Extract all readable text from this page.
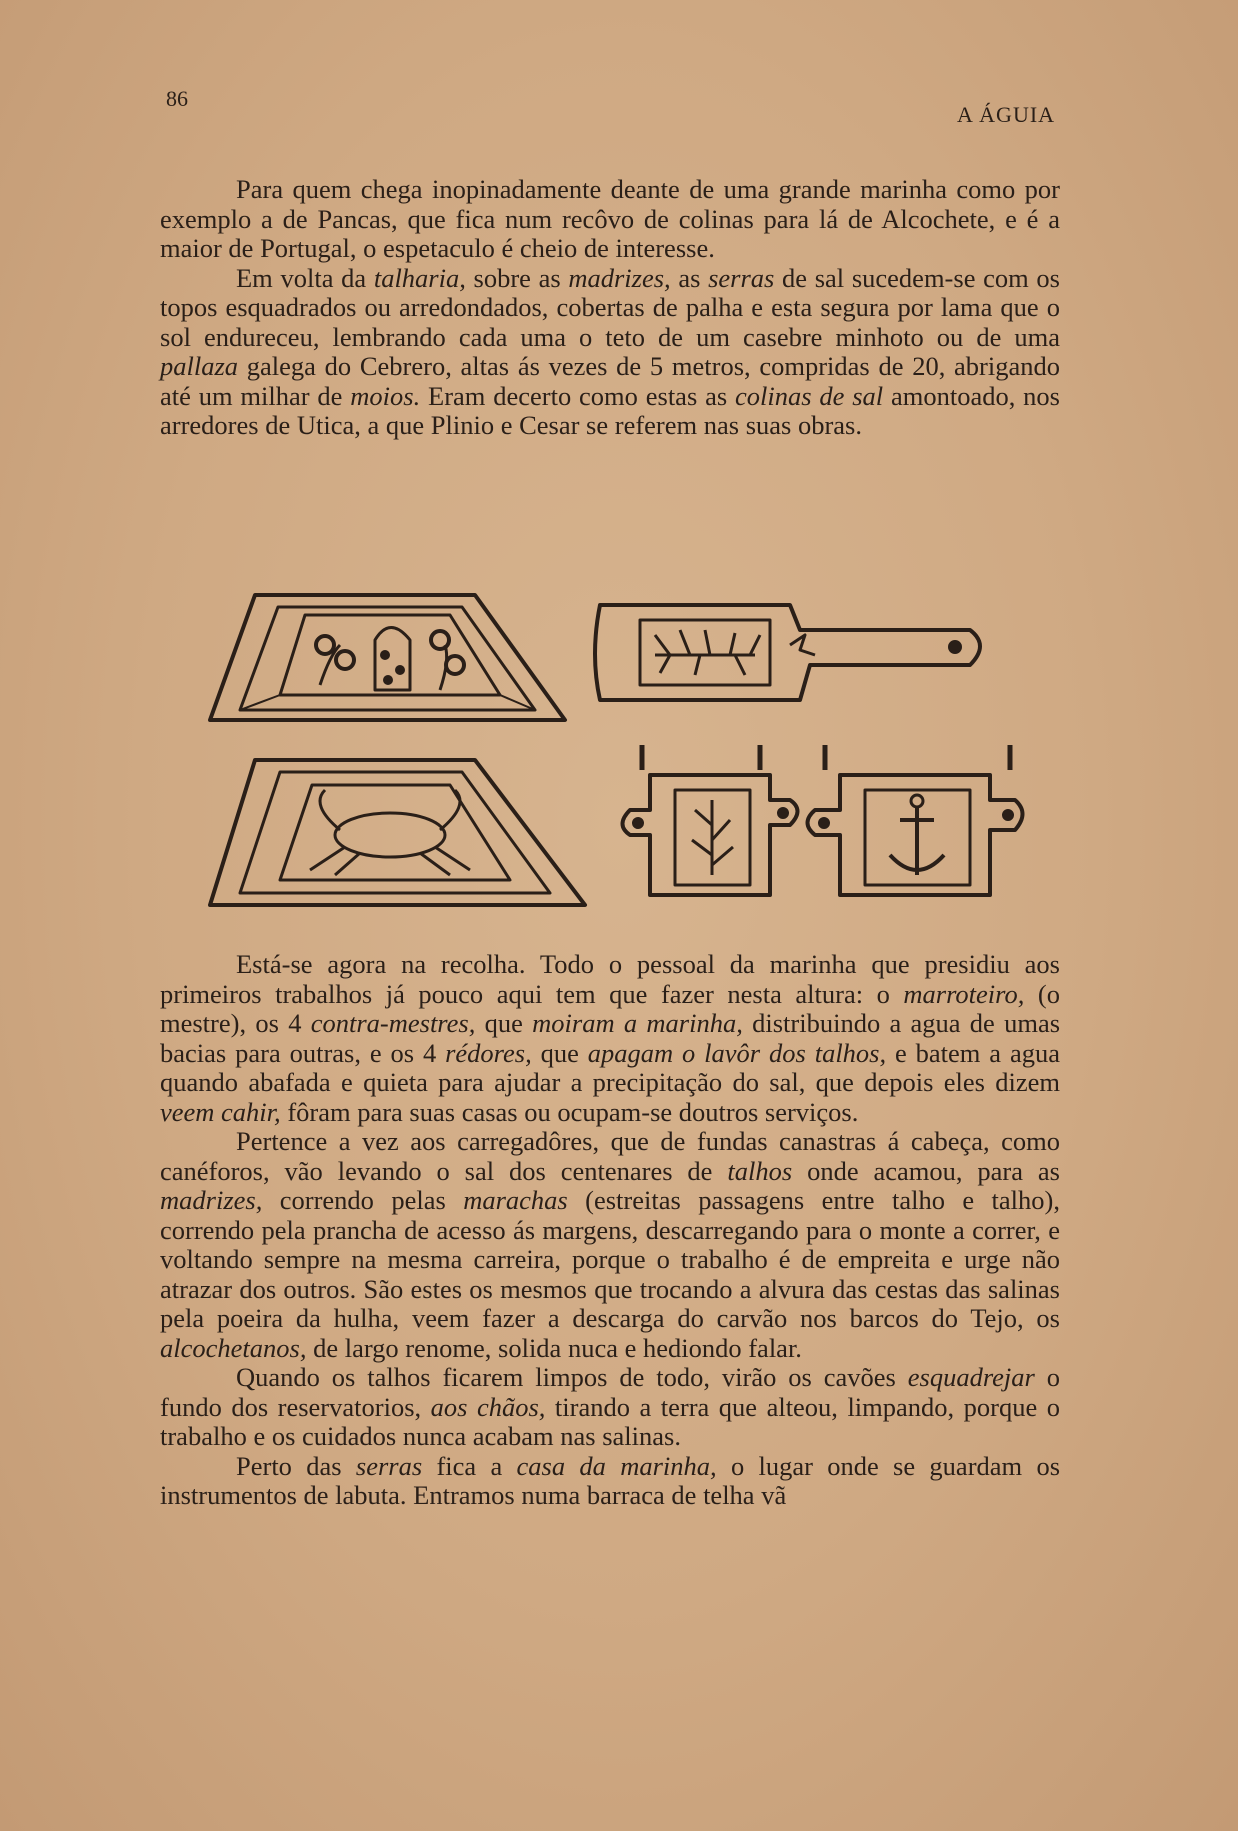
86
A ÁGUIA

Para quem chega inopinadamente deante de uma grande marinha como por exemplo a de Pancas, que fica num recôvo de colinas para lá de Alcochete, e é a maior de Portugal, o espetaculo é cheio de interesse.

Em volta da talharia, sobre as madrizes, as serras de sal sucedem-se com os topos esquadrados ou arredondados, cobertas de palha e esta segura por lama que o sol endureceu, lembrando cada uma o teto de um casebre minhoto ou de uma pallaza galega do Cebrero, altas ás vezes de 5 metros, compridas de 20, abrigando até um milhar de moios. Eram decerto como estas as colinas de sal amontoado, nos arredores de Utica, a que Plinio e Cesar se referem nas suas obras.

Está-se agora na recolha. Todo o pessoal da marinha que presidiu aos primeiros trabalhos já pouco aqui tem que fazer nesta altura: o marroteiro, (o mestre), os 4 contra-mestres, que moiram a marinha, distribuindo a agua de umas bacias para outras, e os 4 rédores, que apagam o lavôr dos talhos, e batem a agua quando abafada e quieta para ajudar a precipitação do sal, que depois eles dizem veem cahir, fôram para suas casas ou ocupam-se doutros serviços.

Pertence a vez aos carregadôres, que de fundas canastras á cabeça, como canéforos, vão levando o sal dos centenares de talhos onde acamou, para as madrizes, correndo pelas marachas (estreitas passagens entre talho e talho), correndo pela prancha de acesso ás margens, descarregando para o monte a correr, e voltando sempre na mesma carreira, porque o trabalho é de empreita e urge não atrazar dos outros. São estes os mesmos que trocando a alvura das cestas das salinas pela poeira da hulha, veem fazer a descarga do carvão nos barcos do Tejo, os alcochetanos, de largo renome, solida nuca e hediondo falar.

Quando os talhos ficarem limpos de todo, virão os cavões esquadrejar o fundo dos reservatorios, aos chãos, tirando a terra que alteou, limpando, porque o trabalho e os cuidados nunca acabam nas salinas.

Perto das serras fica a casa da marinha, o lugar onde se guardam os instrumentos de labuta. Entramos numa barraca de telha vã
